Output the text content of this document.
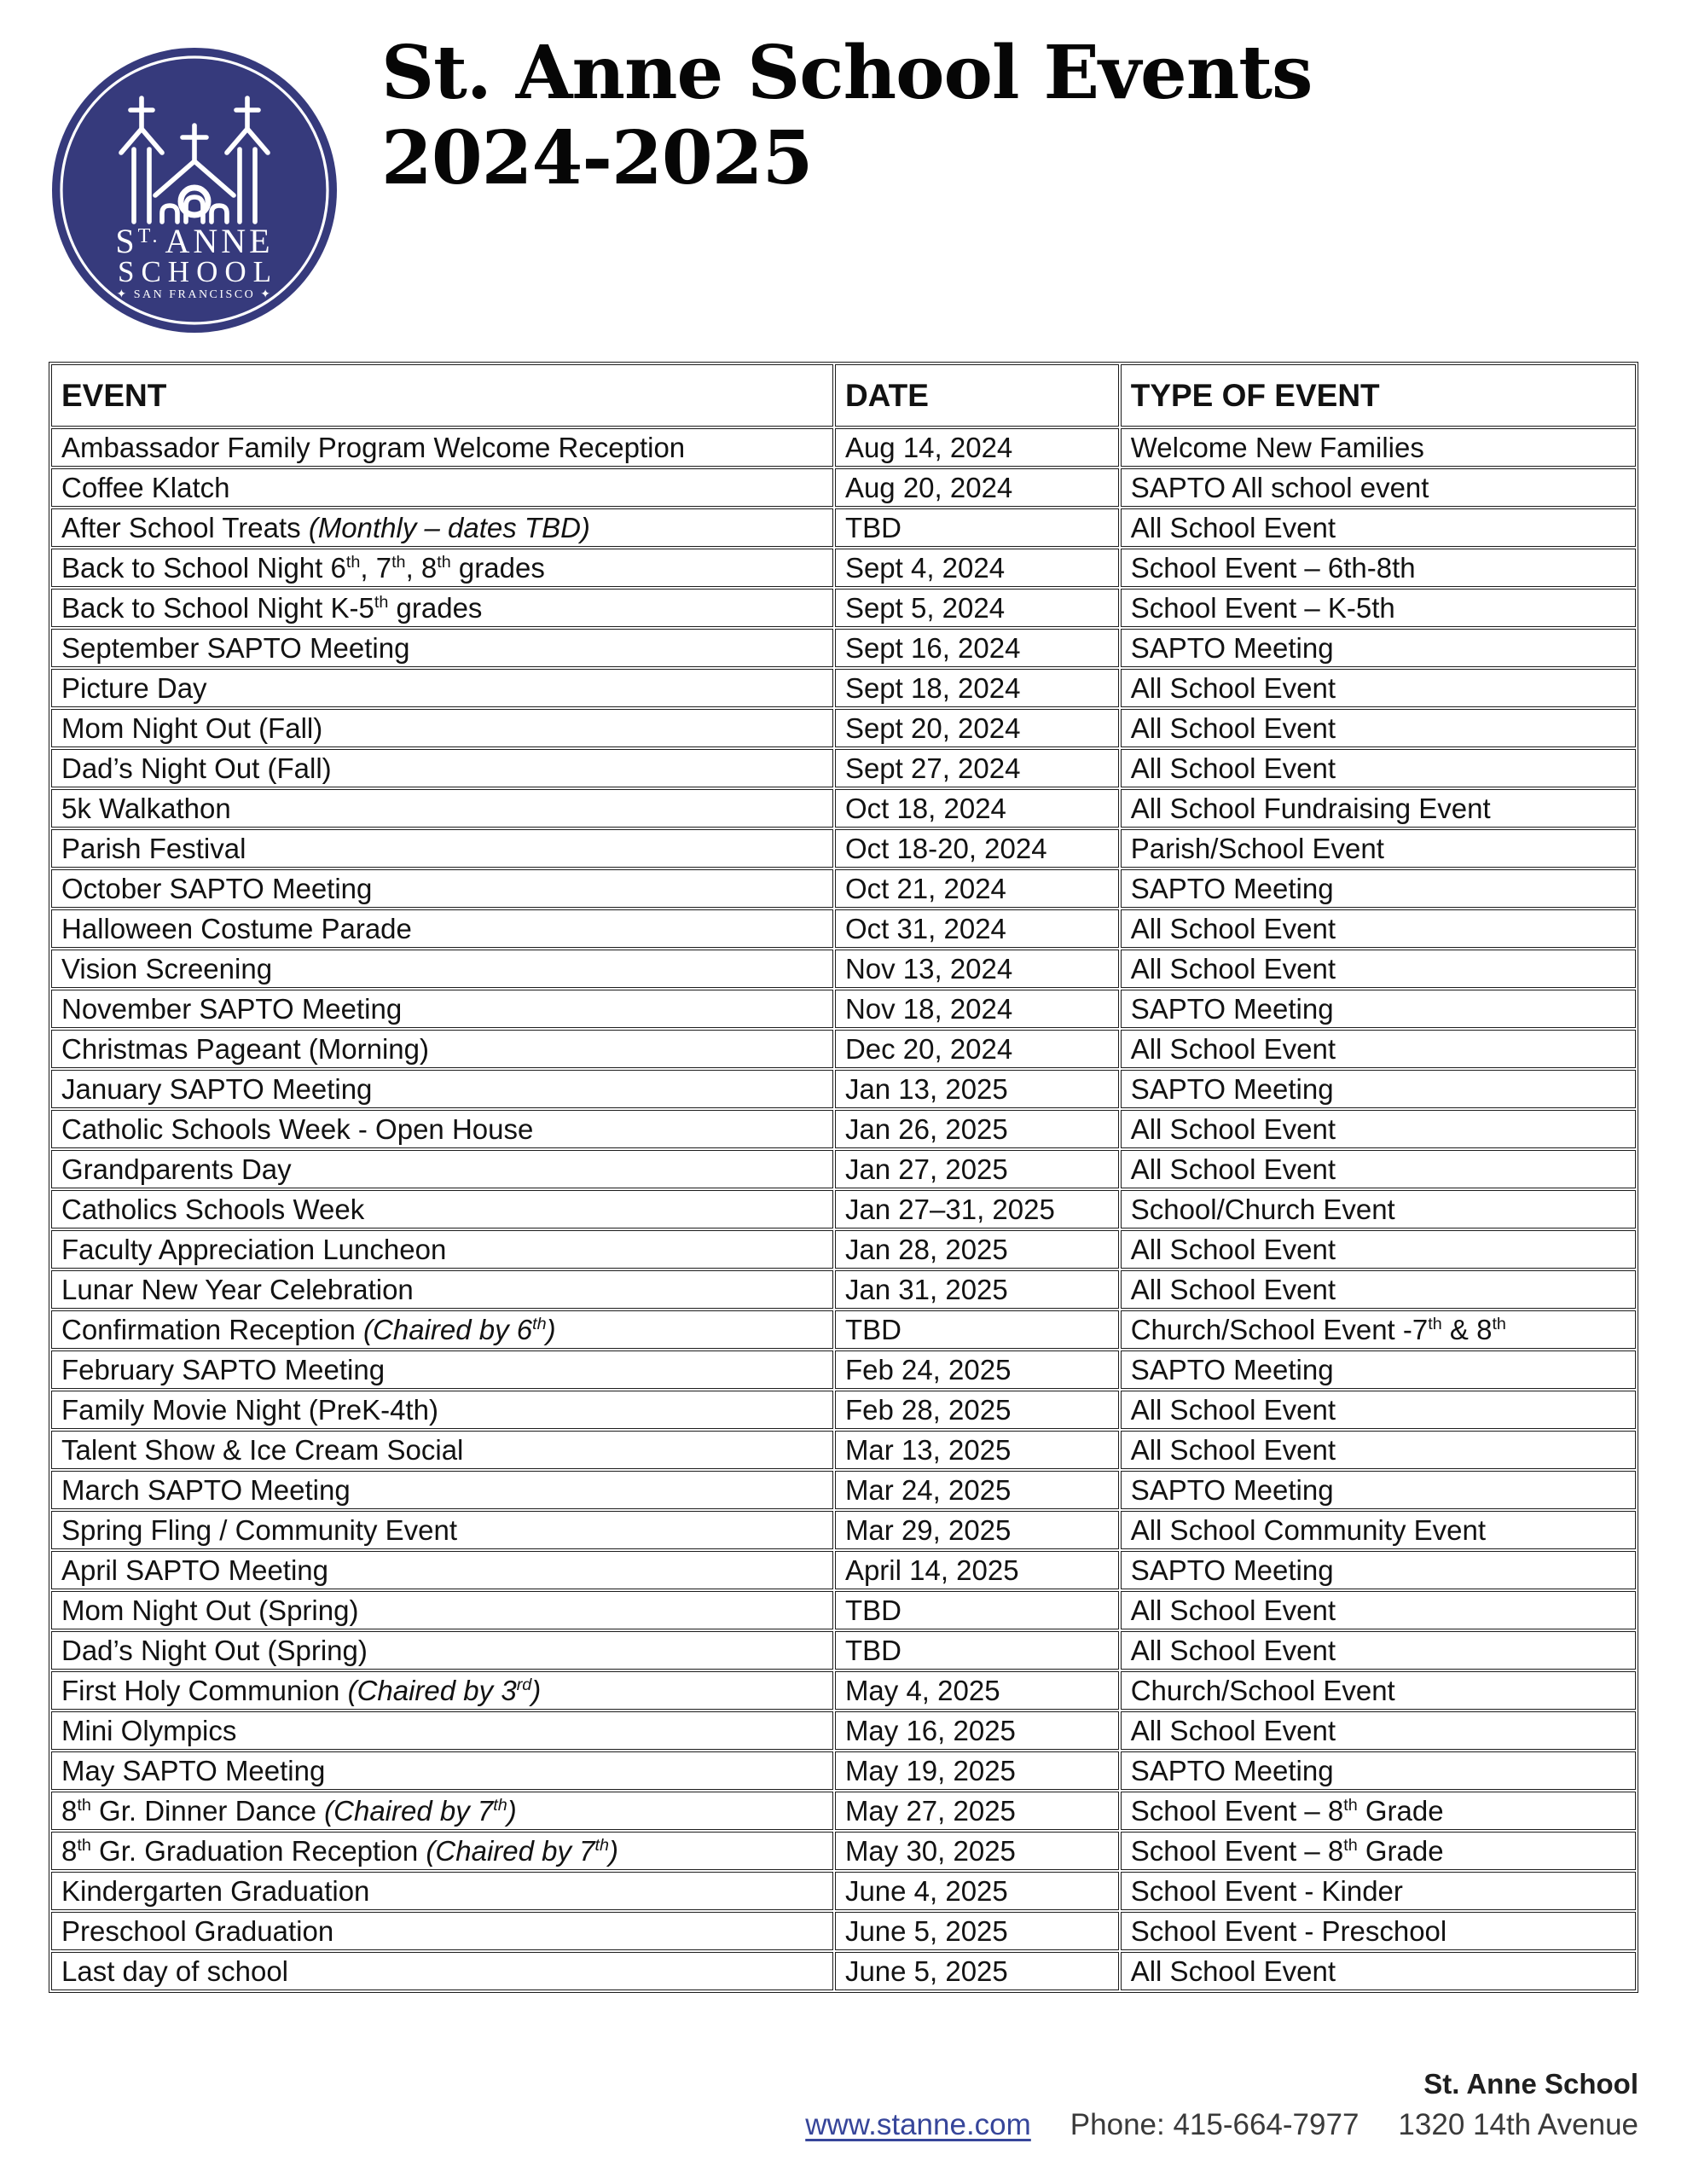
$S^{T.}$ ANNE
SCHOOL
✦ SAN FRANCISCO ✦
St. Anne School Events
2024-2025
EVENT	DATE	TYPE OF EVENT
Ambassador Family Program Welcome Reception	Aug 14, 2024	Welcome New Families
Coffee Klatch	Aug 20, 2024	SAPTO All school event
After School Treats (Monthly – dates TBD)	TBD	All School Event
Back to School Night 6th, 7th, 8th grades	Sept 4, 2024	School Event – 6th-8th
Back to School Night K-5th grades	Sept 5, 2024	School Event – K-5th
September SAPTO Meeting	Sept 16, 2024	SAPTO Meeting
Picture Day	Sept 18, 2024	All School Event
Mom Night Out (Fall)	Sept 20, 2024	All School Event
Dad’s Night Out (Fall)	Sept 27, 2024	All School Event
5k Walkathon	Oct 18, 2024	All School Fundraising Event
Parish Festival	Oct 18-20, 2024	Parish/School Event
October SAPTO Meeting	Oct 21, 2024	SAPTO Meeting
Halloween Costume Parade	Oct 31, 2024	All School Event
Vision Screening	Nov 13, 2024	All School Event
November SAPTO Meeting	Nov 18, 2024	SAPTO Meeting
Christmas Pageant (Morning)	Dec 20, 2024	All School Event
January SAPTO Meeting	Jan 13, 2025	SAPTO Meeting
Catholic Schools Week - Open House	Jan 26, 2025	All School Event
Grandparents Day	Jan 27, 2025	All School Event
Catholics Schools Week	Jan 27–31, 2025	School/Church Event
Faculty Appreciation Luncheon	Jan 28, 2025	All School Event
Lunar New Year Celebration	Jan 31, 2025	All School Event
Confirmation Reception (Chaired by 6th)	TBD	Church/School Event -7th & 8th
February SAPTO Meeting	Feb 24, 2025	SAPTO Meeting
Family Movie Night (PreK-4th)	Feb 28, 2025	All School Event
Talent Show & Ice Cream Social	Mar 13, 2025	All School Event
March SAPTO Meeting	Mar 24, 2025	SAPTO Meeting
Spring Fling / Community Event	Mar 29, 2025	All School Community Event
April SAPTO Meeting	April 14, 2025	SAPTO Meeting
Mom Night Out (Spring)	TBD	All School Event
Dad’s Night Out (Spring)	TBD	All School Event
First Holy Communion (Chaired by 3rd)	May 4, 2025	Church/School Event
Mini Olympics	May 16, 2025	All School Event
May SAPTO Meeting	May 19, 2025	SAPTO Meeting
8th Gr. Dinner Dance (Chaired by 7th)	May 27, 2025	School Event – 8th Grade
8th Gr. Graduation Reception (Chaired by 7th)	May 30, 2025	School Event – 8th Grade
Kindergarten Graduation	June 4, 2025	School Event - Kinder
Preschool Graduation	June 5, 2025	School Event - Preschool
Last day of school	June 5, 2025	All School Event
St. Anne School
www.stanne.com Phone: 415-664-7977 1320 14th Avenue
